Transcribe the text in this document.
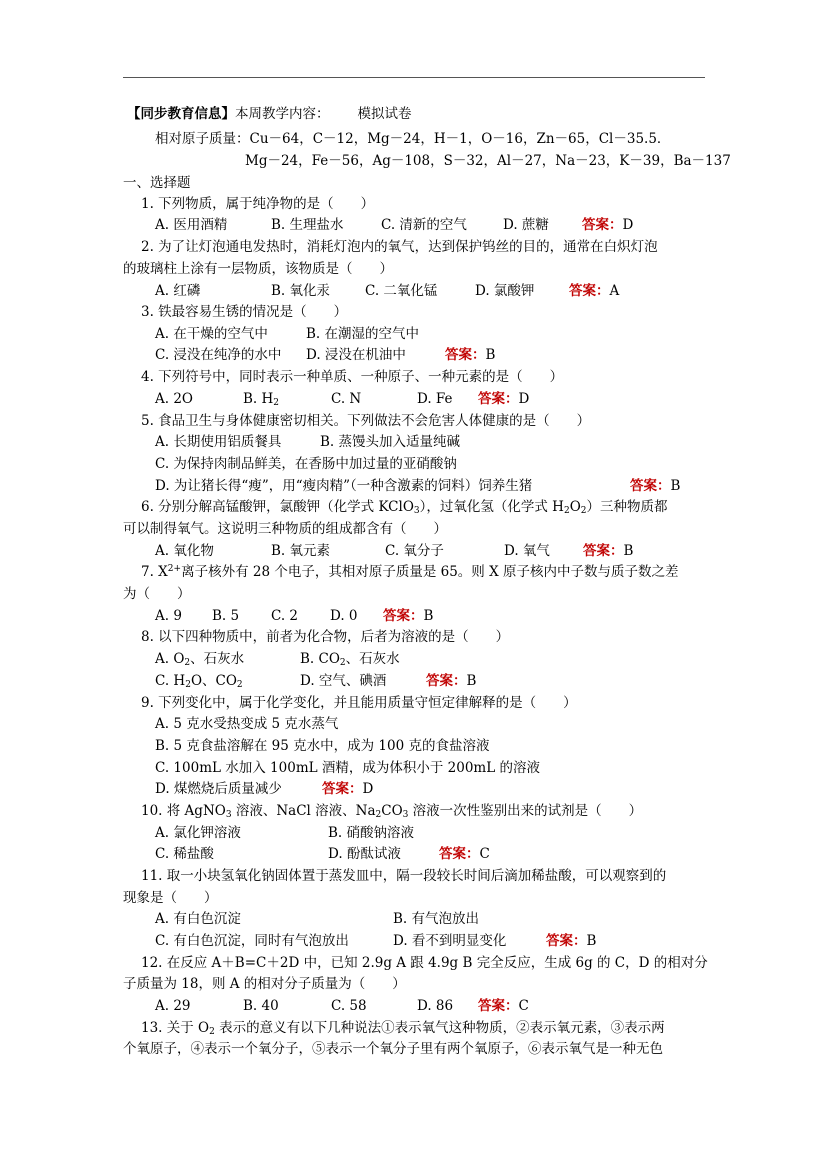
【同步教育信息】本周教学内容： 模拟试卷
相对原子质量：Cu－64，C－12，Mg－24，H－1，O－16，Zn－65，Cl－35.5．
Mg－24，Fe－56，Ag－108，S－32，Al－27，Na－23，K－39，Ba－137
一、选择题
1. 下列物质，属于纯净物的是（　　）
A. 医用酒精	B. 生理盐水	C. 清新的空气	D. 蔗糖 答案：D
2. 为了让灯泡通电发热时，消耗灯泡内的氧气，达到保护钨丝的目的，通常在白炽灯泡
的玻璃柱上涂有一层物质，该物质是（　　）
A. 红磷	B. 氧化汞	C. 二氧化锰	D. 氯酸钾	答案：A
3. 铁最容易生锈的情况是（　　）
A. 在干燥的空气中	B. 在潮湿的空气中
C. 浸没在纯净的水中 D. 浸没在机油中	答案：B
4. 下列符号中，同时表示一种单质、一种原子、一种元素的是（　　）
A. 2O	B. $H_2$	C. N	D. Fe 答案：D
5. 食品卫生与身体健康密切相关。下列做法不会危害人体健康的是（　　）
A. 长期使用铝质餐具	B. 蒸馒头加入适量纯碱
C. 为保持肉制品鲜美，在香肠中加过量的亚硝酸钠
D. 为让猪长得“瘦”，用“瘦肉精”（一种含激素的饲料）饲养生猪	答案：B
6. 分别分解高锰酸钾，氯酸钾（化学式 KClO$_3$），过氧化氢（化学式 $H_2O_2$）三种物质都
可以制得氧气。这说明三种物质的组成都含有（　　）
A. 氧化物	B. 氧元素	C. 氧分子	D. 氧气 答案：B
7. $X^{2+}$离子核外有 28 个电子，其相对原子质量是 65。则 X 原子核内中子数与质子数之差
为（　　）
A. 9 B. 5 C. 2 D. 0 答案：B
8. 以下四种物质中，前者为化合物，后者为溶液的是（　　）
A. $O_2$、石灰水	B. $CO_2$、石灰水
C. $H_2O$、$CO_2$	D. 空气、碘酒	答案：B
9. 下列变化中，属于化学变化，并且能用质量守恒定律解释的是（　　）
A. 5 克水受热变成 5 克水蒸气
B. 5 克食盐溶解在 95 克水中，成为 100 克的食盐溶液
C. 100mL 水加入 100mL 酒精，成为体积小于 200mL 的溶液
D. 煤燃烧后质量减少	答案：D
10. 将 AgNO$_3$ 溶液、NaCl 溶液、$Na_2CO_3$ 溶液一次性鉴别出来的试剂是（　　）
A. 氯化钾溶液	B. 硝酸钠溶液
C. 稀盐酸	D. 酚酞试液	答案：C
11. 取一小块氢氧化钠固体置于蒸发皿中，隔一段较长时间后滴加稀盐酸，可以观察到的
现象是（　　）
A. 有白色沉淀	B. 有气泡放出
C. 有白色沉淀，同时有气泡放出	D. 看不到明显变化	答案：B
12. 在反应 A＋B=C＋2D 中，已知 2.9g A 跟 4.9g B 完全反应，生成 6g 的 C，D 的相对分
子质量为 18，则 A 的相对分子质量为（　　）
A. 29	B. 40	C. 58	D. 86 答案：C
13. 关于 $O_2$ 表示的意义有以下几种说法①表示氧气这种物质，②表示氧元素，③表示两
个氧原子，④表示一个氧分子，⑤表示一个氧分子里有两个氧原子，⑥表示氧气是一种无色
